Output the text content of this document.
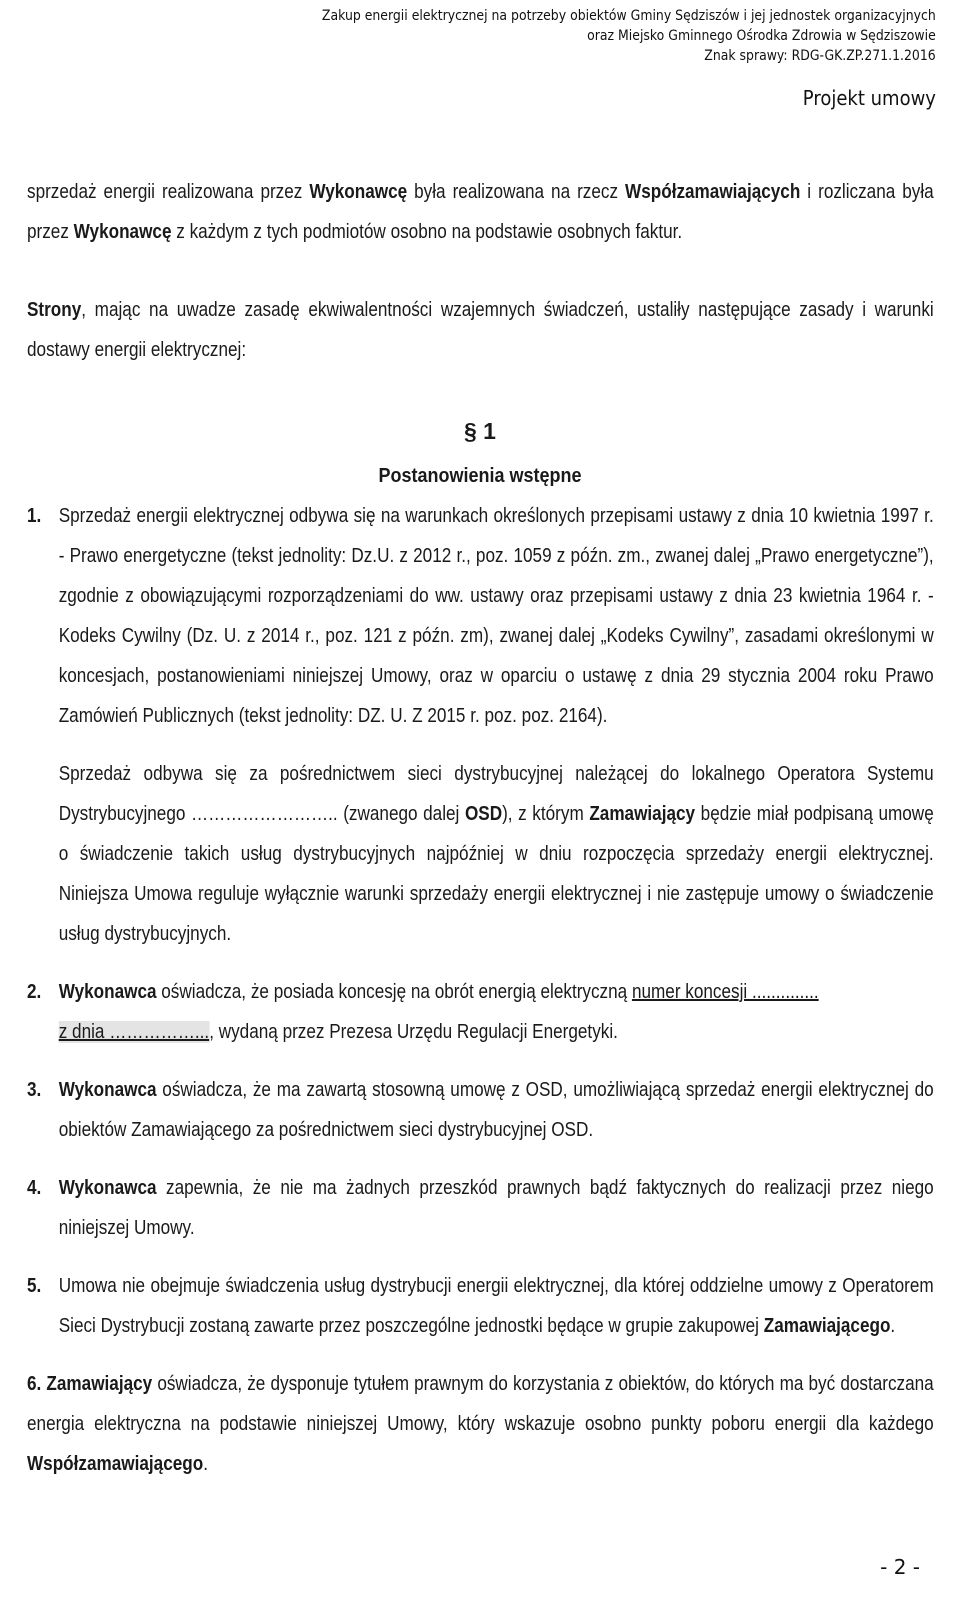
Zakup energii elektrycznej na potrzeby obiektów Gminy Sędziszów i jej jednostek organizacyjnych
oraz Miejsko Gminnego Ośrodka Zdrowia w Sędziszowie
Znak sprawy: RDG-GK.ZP.271.1.2016
Projekt umowy
sprzedaż energii realizowana przez Wykonawcę była realizowana na rzecz Współzamawiających i rozliczana była przez Wykonawcę z każdym z tych podmiotów osobno na podstawie osobnych faktur.
Strony, mając na uwadze zasadę ekwiwalentności wzajemnych świadczeń, ustaliły następujące zasady i warunki dostawy energii elektrycznej:
§ 1
Postanowienia wstępne
1. Sprzedaż energii elektrycznej odbywa się na warunkach określonych przepisami ustawy z dnia 10 kwietnia 1997 r. - Prawo energetyczne (tekst jednolity: Dz.U. z 2012 r., poz. 1059 z późn. zm., zwanej dalej „Prawo energetyczne”), zgodnie z obowiązującymi rozporządzeniami do ww. ustawy oraz przepisami ustawy z dnia 23 kwietnia 1964 r. - Kodeks Cywilny (Dz. U. z 2014 r., poz. 121 z późn. zm), zwanej dalej „Kodeks Cywilny”, zasadami określonymi w koncesjach, postanowieniami niniejszej Umowy, oraz w oparciu o ustawę z dnia 29 stycznia 2004 roku Prawo Zamówień Publicznych (tekst jednolity: DZ. U. Z 2015 r. poz. poz. 2164).

Sprzedaż odbywa się za pośrednictwem sieci dystrybucyjnej należącej do lokalnego Operatora Systemu Dystrybucyjnego …………………….. (zwanego dalej OSD), z którym Zamawiający będzie miał podpisaną umowę o świadczenie takich usług dystrybucyjnych najpóźniej w dniu rozpoczęcia sprzedaży energii elektrycznej. Niniejsza Umowa reguluje wyłącznie warunki sprzedaży energii elektrycznej i nie zastępuje umowy o świadczenie usług dystrybucyjnych.

2. Wykonawca oświadcza, że posiada koncesję na obrót energią elektryczną numer koncesji ..............
z dnia ……………..., wydaną przez Prezesa Urzędu Regulacji Energetyki.

3. Wykonawca oświadcza, że ma zawartą stosowną umowę z OSD, umożliwiającą sprzedaż energii elektrycznej do obiektów Zamawiającego za pośrednictwem sieci dystrybucyjnej OSD.

4. Wykonawca zapewnia, że nie ma żadnych przeszkód prawnych bądź faktycznych do realizacji przez niego niniejszej Umowy.

5. Umowa nie obejmuje świadczenia usług dystrybucji energii elektrycznej, dla której oddzielne umowy z Operatorem Sieci Dystrybucji zostaną zawarte przez poszczególne jednostki będące w grupie zakupowej Zamawiającego.

6. Zamawiający oświadcza, że dysponuje tytułem prawnym do korzystania z obiektów, do których ma być dostarczana energia elektryczna na podstawie niniejszej Umowy, który wskazuje osobno punkty poboru energii dla każdego Współzamawiającego.

- 2 -
